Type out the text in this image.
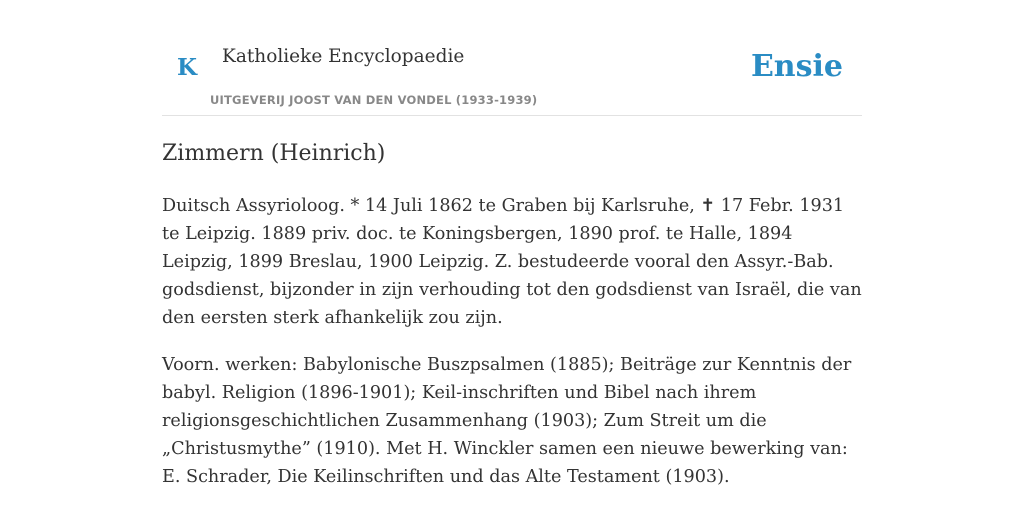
K Katholieke Encyclopaedie
UITGEVERIJ JOOST VAN DEN VONDEL (1933-1939)
Ensie
Zimmern (Heinrich)

Duitsch Assyrioloog. * 14 Juli 1862 te Graben bij Karlsruhe, ✝ 17 Febr. 1931 te Leipzig. 1889 priv. doc. te Koningsbergen, 1890 prof. te Halle, 1894 Leipzig, 1899 Breslau, 1900 Leipzig. Z. bestudeerde vooral den Assyr.-Bab. godsdienst, bijzonder in zijn verhouding tot den godsdienst van Israël, die van den eersten sterk afhankelijk zou zijn.

Voorn. werken: Babylonische Buszpsalmen (1885); Beiträge zur Kenntnis der babyl. Religion (1896-1901); Keil-inschriften und Bibel nach ihrem religionsgeschichtlichen Zusammenhang (1903); Zum Streit um die „Christusmythe” (1910). Met H. Winckler samen een nieuwe bewerking van: E. Schrader, Die Keilinschriften und das Alte Testament (1903).
